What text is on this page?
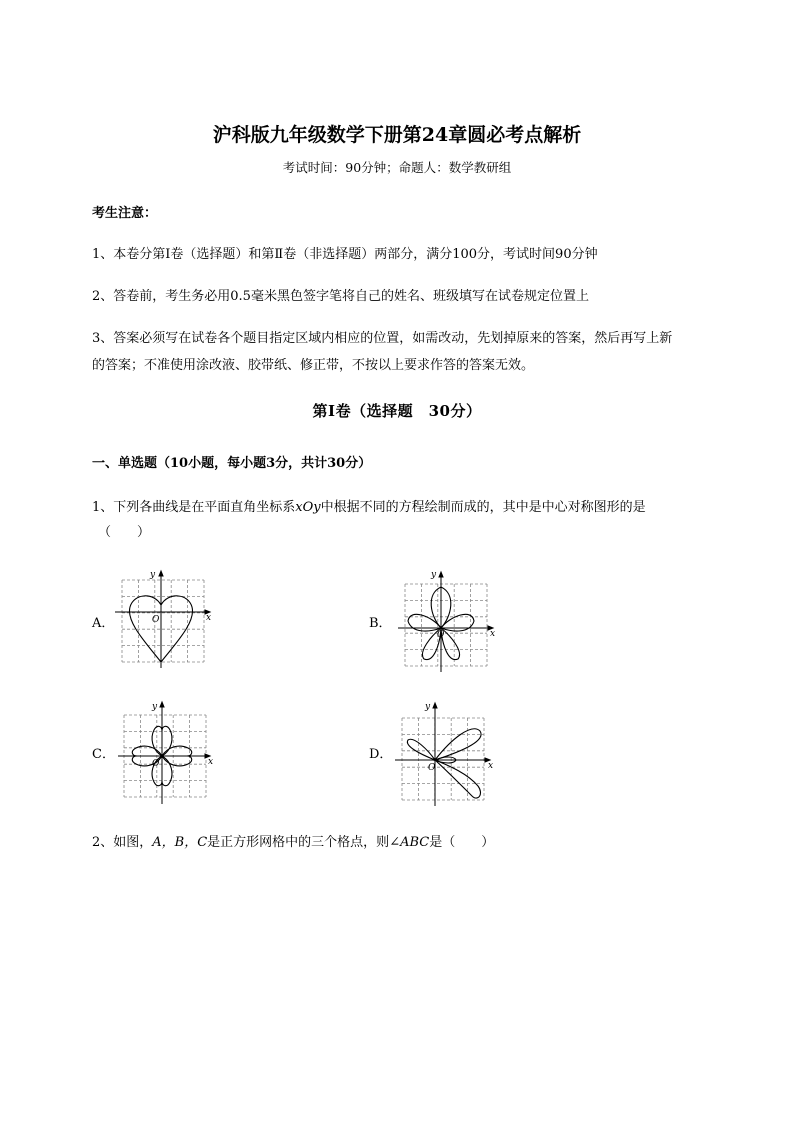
沪科版九年级数学下册第24章圆必考点解析
考试时间：90分钟；命题人：数学教研组
考生注意：
1、本卷分第I卷（选择题）和第Ⅱ卷（非选择题）两部分，满分100分，考试时间90分钟
2、答卷前，考生务必用0.5毫米黑色签字笔将自己的姓名、班级填写在试卷规定位置上
3、答案必须写在试卷各个题目指定区域内相应的位置，如需改动，先划掉原来的答案，然后再写上新
的答案；不准使用涂改液、胶带纸、修正带，不按以上要求作答的答案无效。
第I卷（选择题　30分）
一、单选题（10小题，每小题3分，共计30分）
1、下列各曲线是在平面直角坐标系xOy中根据不同的方程绘制而成的，其中是中心对称图形的是
（　　）
A．	B．
C．	D．
x
y
O
x
y
O
x
y
O	x
y
O
2、如图，A，B，C是正方形网格中的三个格点，则∠ABC是（　　）
